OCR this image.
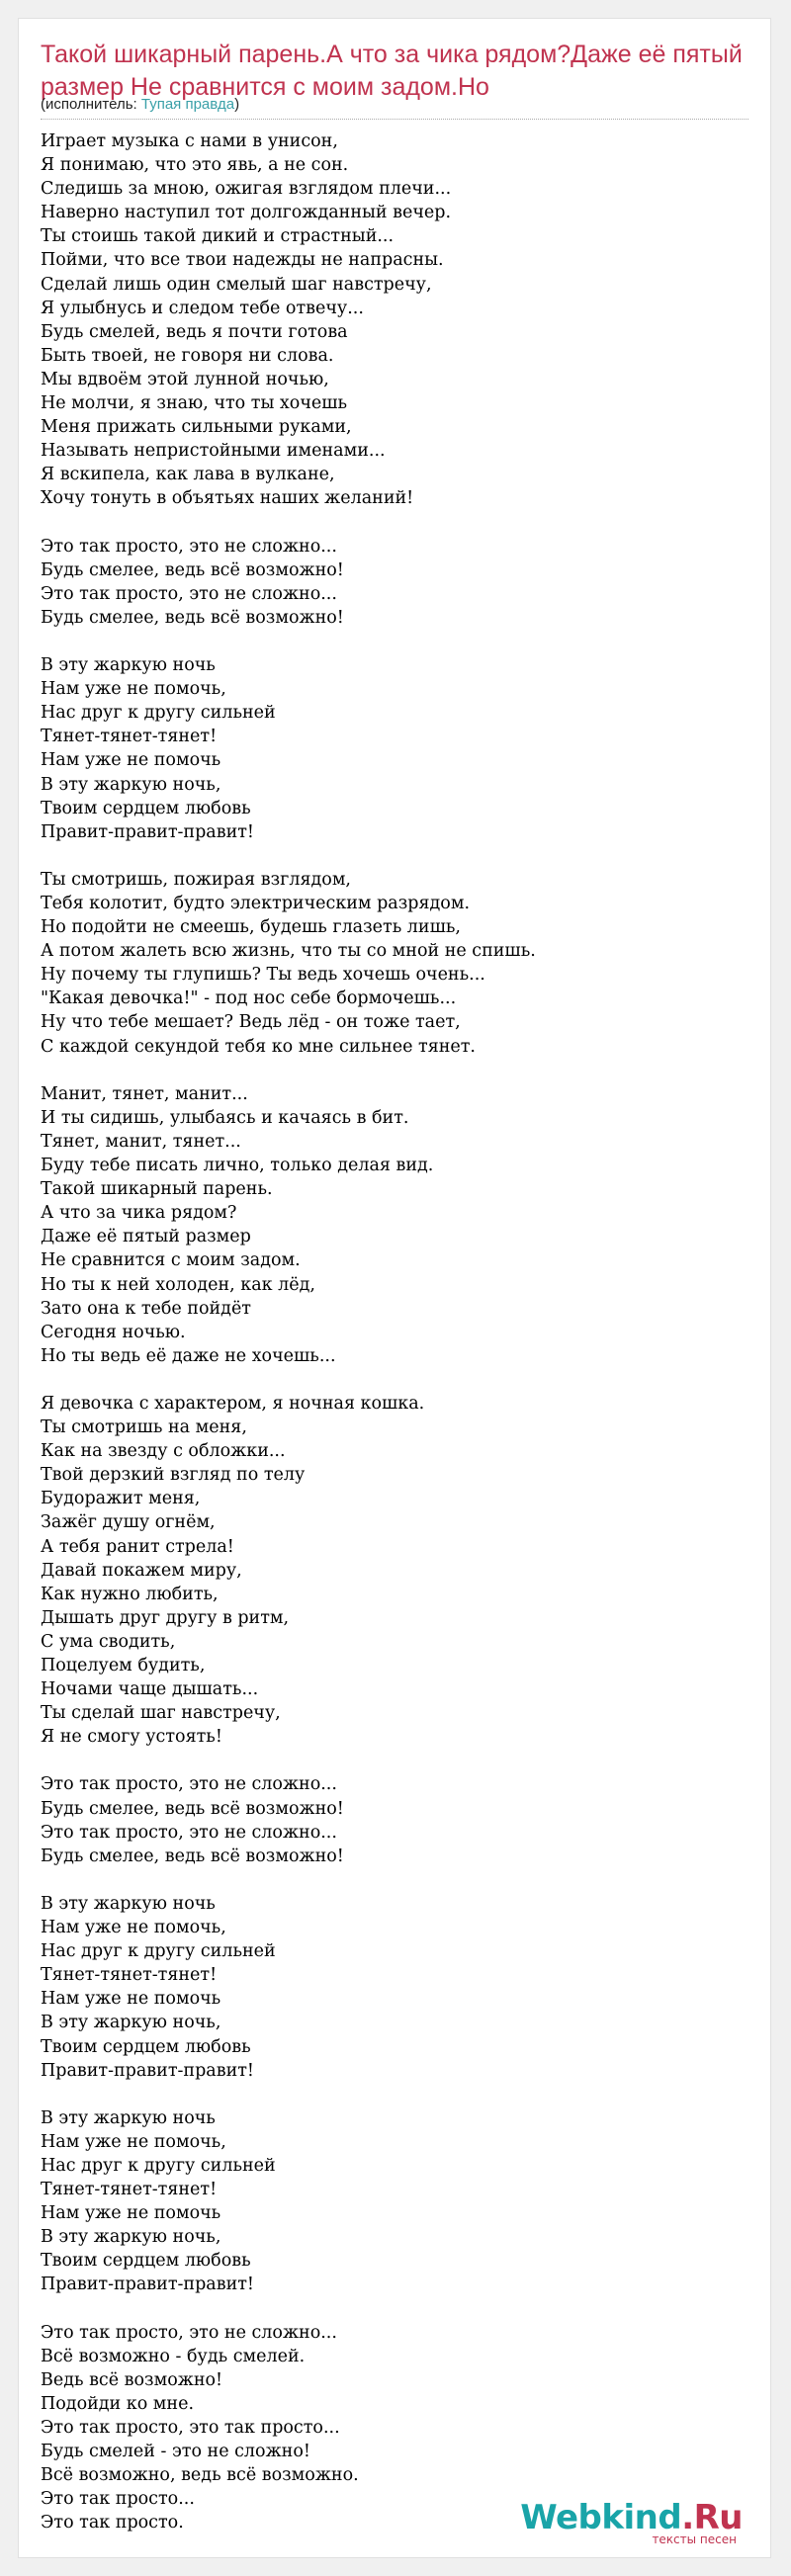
Такой шикарный парень.А что за чика рядом?Даже её пятый размер Не сравнится с моим задом.Но
(исполнитель: Тупая правда)
Играет музыка с нами в унисон,
Я понимаю, что это явь, а не сон.
Следишь за мною, ожигая взглядом плечи...
Наверно наступил тот долгожданный вечер.
Ты стоишь такой дикий и страстный...
Пойми, что все твои надежды не напрасны.
Сделай лишь один смелый шаг навстречу,
Я улыбнусь и следом тебе отвечу...
Будь смелей, ведь я почти готова
Быть твоей, не говоря ни слова.
Мы вдвоём этой лунной ночью,
Не молчи, я знаю, что ты хочешь
Меня прижать сильными руками,
Называть непристойными именами...
Я вскипела, как лава в вулкане,
Хочу тонуть в объятьях наших желаний!
Это так просто, это не сложно...
Будь смелее, ведь всё возможно!
Это так просто, это не сложно...
Будь смелее, ведь всё возможно!
В эту жаркую ночь
Нам уже не помочь,
Нас друг к другу сильней
Тянет-тянет-тянет!
Нам уже не помочь
В эту жаркую ночь,
Твоим сердцем любовь
Правит-правит-правит!
Ты смотришь, пожирая взглядом,
Тебя колотит, будто электрическим разрядом.
Но подойти не смеешь, будешь глазеть лишь,
А потом жалеть всю жизнь, что ты со мной не спишь.
Ну почему ты глупишь? Ты ведь хочешь очень...
"Какая девочка!" - под нос себе бормочешь...
Ну что тебе мешает? Ведь лёд - он тоже тает,
С каждой секундой тебя ко мне сильнее тянет.
Манит, тянет, манит...
И ты сидишь, улыбаясь и качаясь в бит.
Тянет, манит, тянет...
Буду тебе писать лично, только делая вид.
Такой шикарный парень.
А что за чика рядом?
Даже её пятый размер
Не сравнится с моим задом.
Но ты к ней холоден, как лёд,
Зато она к тебе пойдёт
Сегодня ночью.
Но ты ведь её даже не хочешь...
Я девочка с характером, я ночная кошка.
Ты смотришь на меня,
Как на звезду с обложки...
Твой дерзкий взгляд по телу
Будоражит меня,
Зажёг душу огнём,
А тебя ранит стрела!
Давай покажем миру,
Как нужно любить,
Дышать друг другу в ритм,
С ума сводить,
Поцелуем будить,
Ночами чаще дышать...
Ты сделай шаг навстречу,
Я не смогу устоять!
Это так просто, это не сложно...
Будь смелее, ведь всё возможно!
Это так просто, это не сложно...
Будь смелее, ведь всё возможно!
В эту жаркую ночь
Нам уже не помочь,
Нас друг к другу сильней
Тянет-тянет-тянет!
Нам уже не помочь
В эту жаркую ночь,
Твоим сердцем любовь
Правит-правит-правит!
В эту жаркую ночь
Нам уже не помочь,
Нас друг к другу сильней
Тянет-тянет-тянет!
Нам уже не помочь
В эту жаркую ночь,
Твоим сердцем любовь
Правит-правит-правит!
Это так просто, это не сложно...
Всё возможно - будь смелей.
Ведь всё возможно!
Подойди ко мне.
Это так просто, это так просто...
Будь смелей - это не сложно!
Всё возможно, ведь всё возможно.
Это так просто...
Это так просто.	Webkind.Ru
тексты песен
